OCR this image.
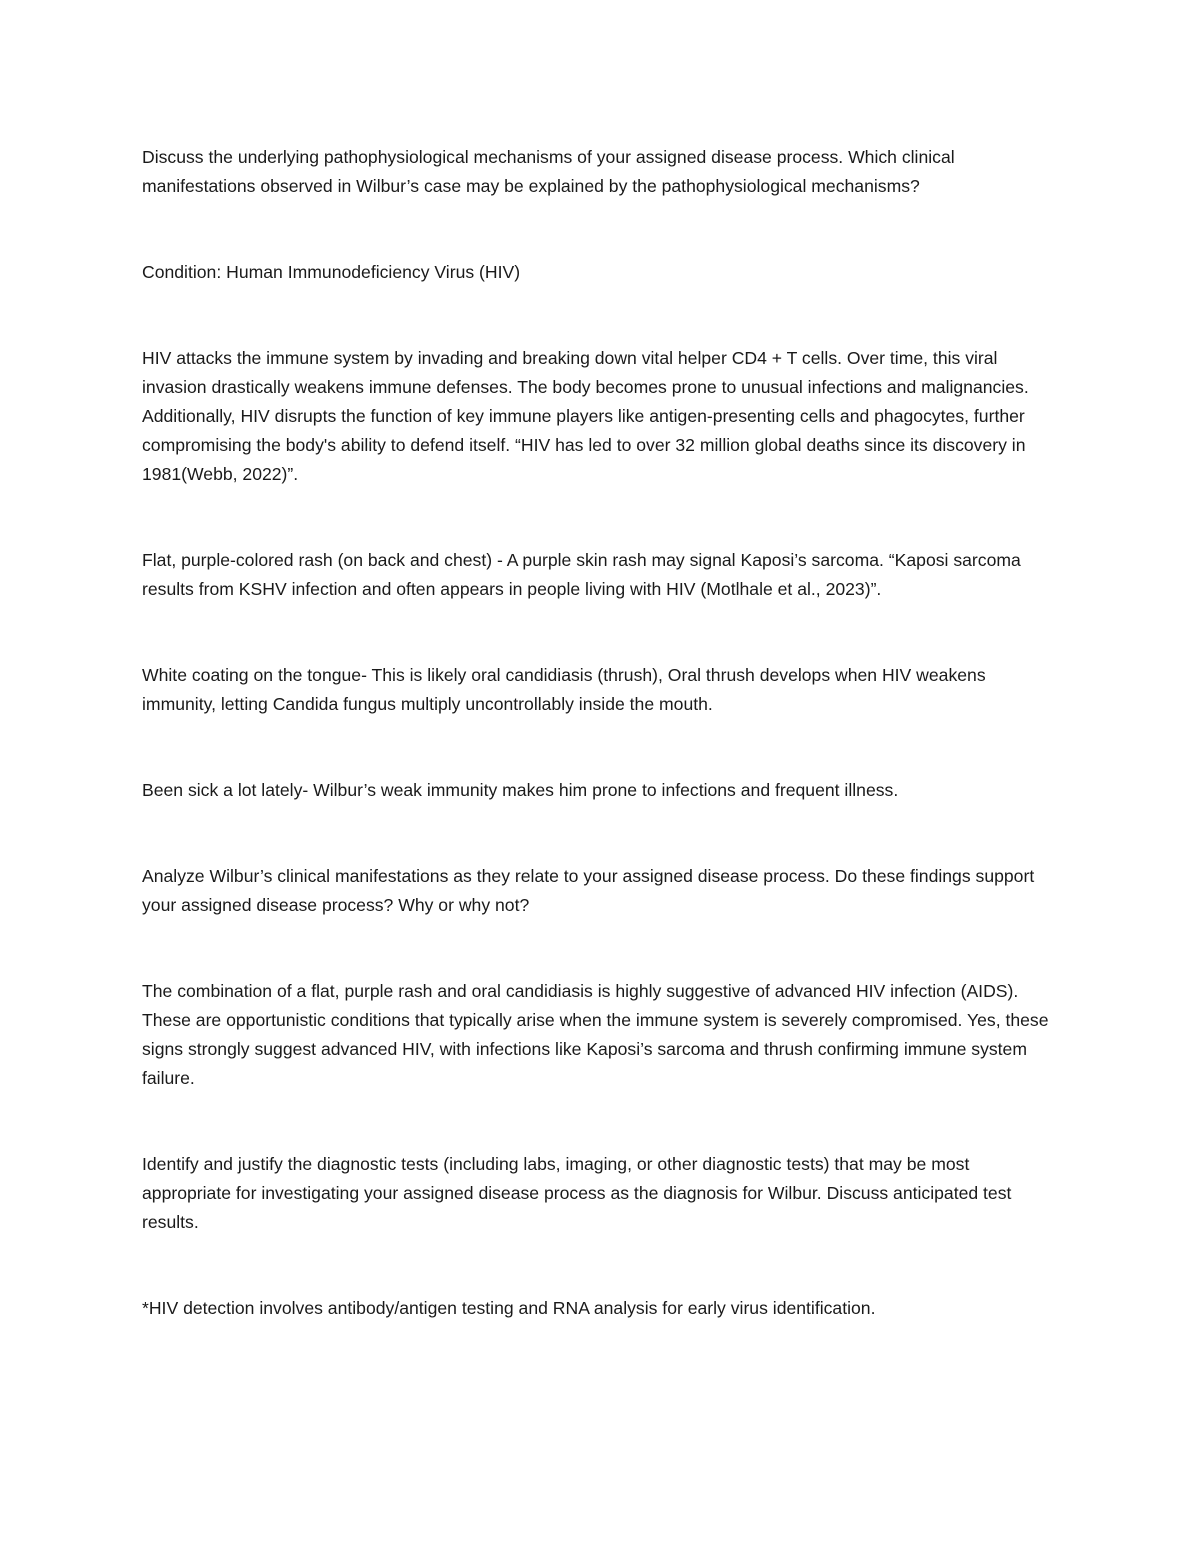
Discuss the underlying pathophysiological mechanisms of your assigned disease process. Which clinical manifestations observed in Wilbur’s case may be explained by the pathophysiological mechanisms?

Condition: Human Immunodeficiency Virus (HIV)

HIV attacks the immune system by invading and breaking down vital helper CD4 + T cells. Over time, this viral invasion drastically weakens immune defenses. The body becomes prone to unusual infections and malignancies. Additionally, HIV disrupts the function of key immune players like antigen-presenting cells and phagocytes, further compromising the body's ability to defend itself. “HIV has led to over 32 million global deaths since its discovery in 1981(Webb, 2022)”.

Flat, purple-colored rash (on back and chest) - A purple skin rash may signal Kaposi’s sarcoma. “Kaposi sarcoma results from KSHV infection and often appears in people living with HIV (Motlhale et al., 2023)”.

White coating on the tongue- This is likely oral candidiasis (thrush), Oral thrush develops when HIV weakens immunity, letting Candida fungus multiply uncontrollably inside the mouth.

Been sick a lot lately- Wilbur’s weak immunity makes him prone to infections and frequent illness.

Analyze Wilbur’s clinical manifestations as they relate to your assigned disease process. Do these findings support your assigned disease process? Why or why not?

The combination of a flat, purple rash and oral candidiasis is highly suggestive of advanced HIV infection (AIDS). These are opportunistic conditions that typically arise when the immune system is severely compromised. Yes, these signs strongly suggest advanced HIV, with infections like Kaposi’s sarcoma and thrush confirming immune system failure.

Identify and justify the diagnostic tests (including labs, imaging, or other diagnostic tests) that may be most appropriate for investigating your assigned disease process as the diagnosis for Wilbur. Discuss anticipated test results.

*HIV detection involves antibody/antigen testing and RNA analysis for early virus identification.
